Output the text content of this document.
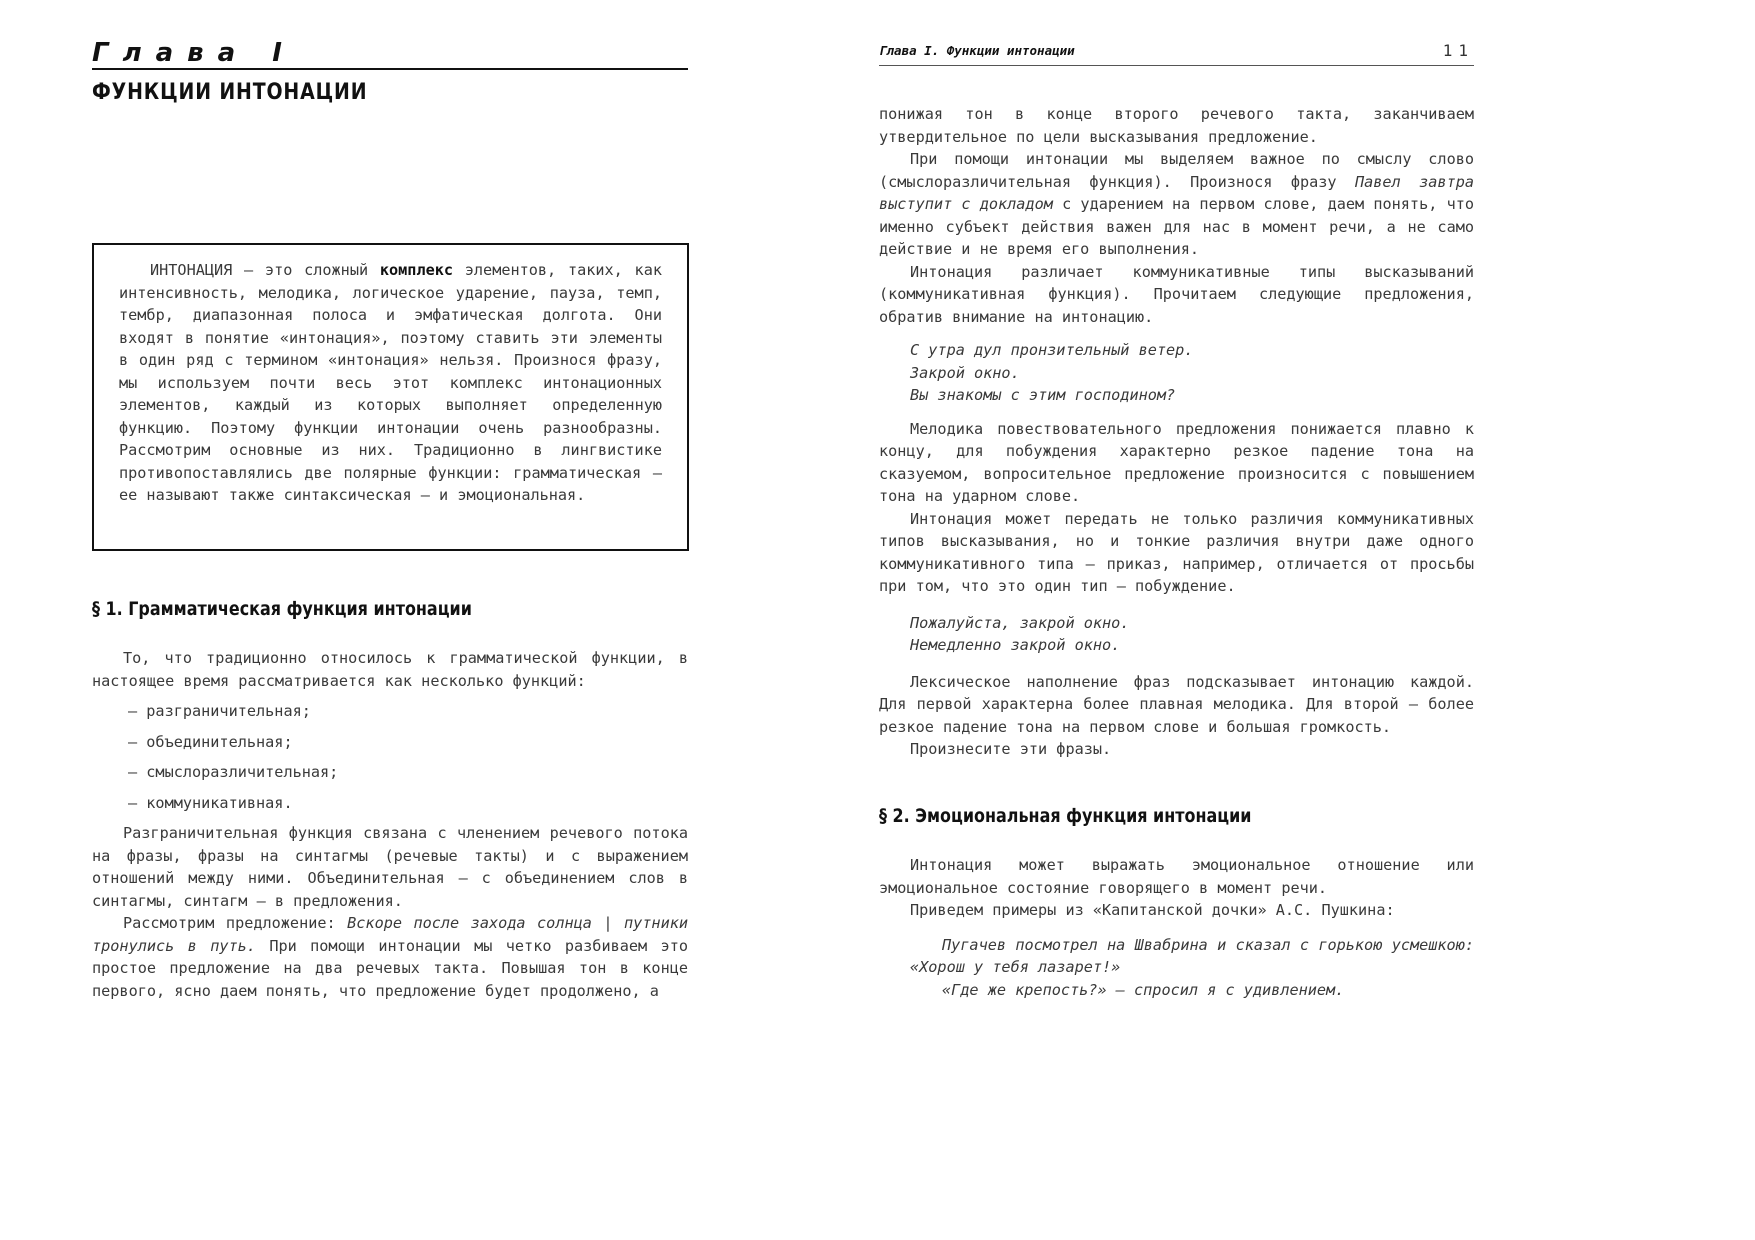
Глава I
ФУНКЦИИ ИНТОНАЦИИ

ИНТОНАЦИЯ — это сложный комплекс элементов, таких, как интенсивность, мелодика, логическое ударение, пауза, темп, тембр, диапазонная полоса и эмфатическая долгота. Они входят в понятие «интонация», поэтому ставить эти элементы в один ряд с термином «интонация» нельзя. Произнося фразу, мы используем почти весь этот комплекс интонационных элементов, каждый из которых выполняет определенную функцию. Поэтому функции интонации очень разнообразны. Рассмотрим основные из них. Традиционно в лингвистике противопоставлялись две полярные функции: грамматическая — ее называют также синтаксическая — и эмоциональная.

§ 1. Грамматическая функция интонации

То, что традиционно относилось к грамматической функции, в настоящее время рассматривается как несколько функций:

— разграничительная;

— объединительная;

— смыслоразличительная;

— коммуникативная.

Разграничительная функция связана с членением речевого потока на фразы, фразы на синтагмы (речевые такты) и с выражением отношений между ними. Объединительная — с объединением слов в синтагмы, синтагм — в предложения.

Рассмотрим предложение: Вскоре после захода солнца | путники тронулись в путь. При помощи интонации мы четко разбиваем это простое предложение на два речевых такта. Повышая тон в конце первого, ясно даем понять, что предложение будет продолжено, а

Глава I. Функции интонации	11

понижая тон в конце второго речевого такта, заканчиваем утвердительное по цели высказывания предложение.

При помощи интонации мы выделяем важное по смыслу слово (смыслоразличительная функция). Произнося фразу Павел завтра выступит с докладом с ударением на первом слове, даем понять, что именно субъект действия важен для нас в момент речи, а не само действие и не время его выполнения.

Интонация различает коммуникативные типы высказываний (коммуникативная функция). Прочитаем следующие предложения, обратив внимание на интонацию.

С утра дул пронзительный ветер.

Закрой окно.

Вы знакомы с этим господином?

Мелодика повествовательного предложения понижается плавно к концу, для побуждения характерно резкое падение тона на сказуемом, вопросительное предложение произносится с повышением тона на ударном слове.

Интонация может передать не только различия коммуникативных типов высказывания, но и тонкие различия внутри даже одного коммуникативного типа — приказ, например, отличается от просьбы при том, что это один тип — побуждение.

Пожалуйста, закрой окно.

Немедленно закрой окно.

Лексическое наполнение фраз подсказывает интонацию каждой. Для первой характерна более плавная мелодика. Для второй — более резкое падение тона на первом слове и большая громкость.

Произнесите эти фразы.

§ 2. Эмоциональная функция интонации

Интонация может выражать эмоциональное отношение или эмоциональное состояние говорящего в момент речи.

Приведем примеры из «Капитанской дочки» А.С. Пушкина:

Пугачев посмотрел на Швабрина и сказал с горькою усмешкою: «Хорош у тебя лазарет!»
«Где же крепость?» — спросил я с удивлением.
